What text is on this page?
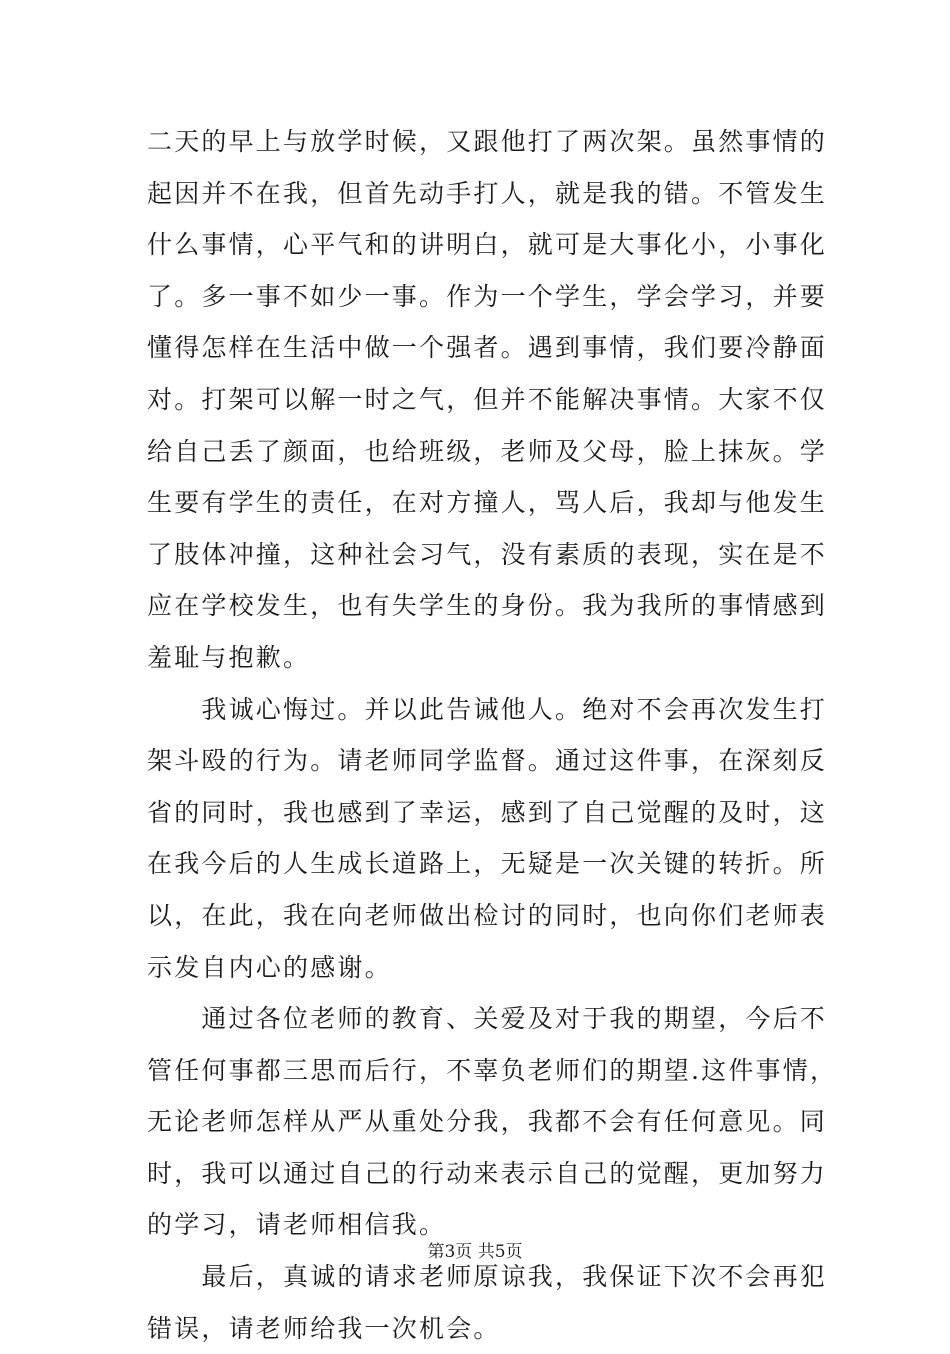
二天的早上与放学时候，又跟他打了两次架。虽然事情的
起因并不在我，但首先动手打人，就是我的错。不管发生
什么事情，心平气和的讲明白，就可是大事化小，小事化
了。多一事不如少一事。作为一个学生，学会学习，并要
懂得怎样在生活中做一个强者。遇到事情，我们要冷静面
对。打架可以解一时之气，但并不能解决事情。大家不仅
给自己丢了颜面，也给班级，老师及父母，脸上抹灰。学
生要有学生的责任，在对方撞人，骂人后，我却与他发生
了肢体冲撞，这种社会习气，没有素质的表现，实在是不
应在学校发生，也有失学生的身份。我为我所的事情感到
羞耻与抱歉。
　　我诚心悔过。并以此告诫他人。绝对不会再次发生打
架斗殴的行为。请老师同学监督。通过这件事，在深刻反
省的同时，我也感到了幸运，感到了自己觉醒的及时，这
在我今后的人生成长道路上，无疑是一次关键的转折。所
以，在此，我在向老师做出检讨的同时，也向你们老师表
示发自内心的感谢。
　　通过各位老师的教育、关爱及对于我的期望，今后不
管任何事都三思而后行，不辜负老师们的期望.这件事情，
无论老师怎样从严从重处分我，我都不会有任何意见。同
时，我可以通过自己的行动来表示自己的觉醒，更加努力
的学习，请老师相信我。
　　最后，真诚的请求老师原谅我，我保证下次不会再犯
错误，请老师给我一次机会。
第3页 共5页
